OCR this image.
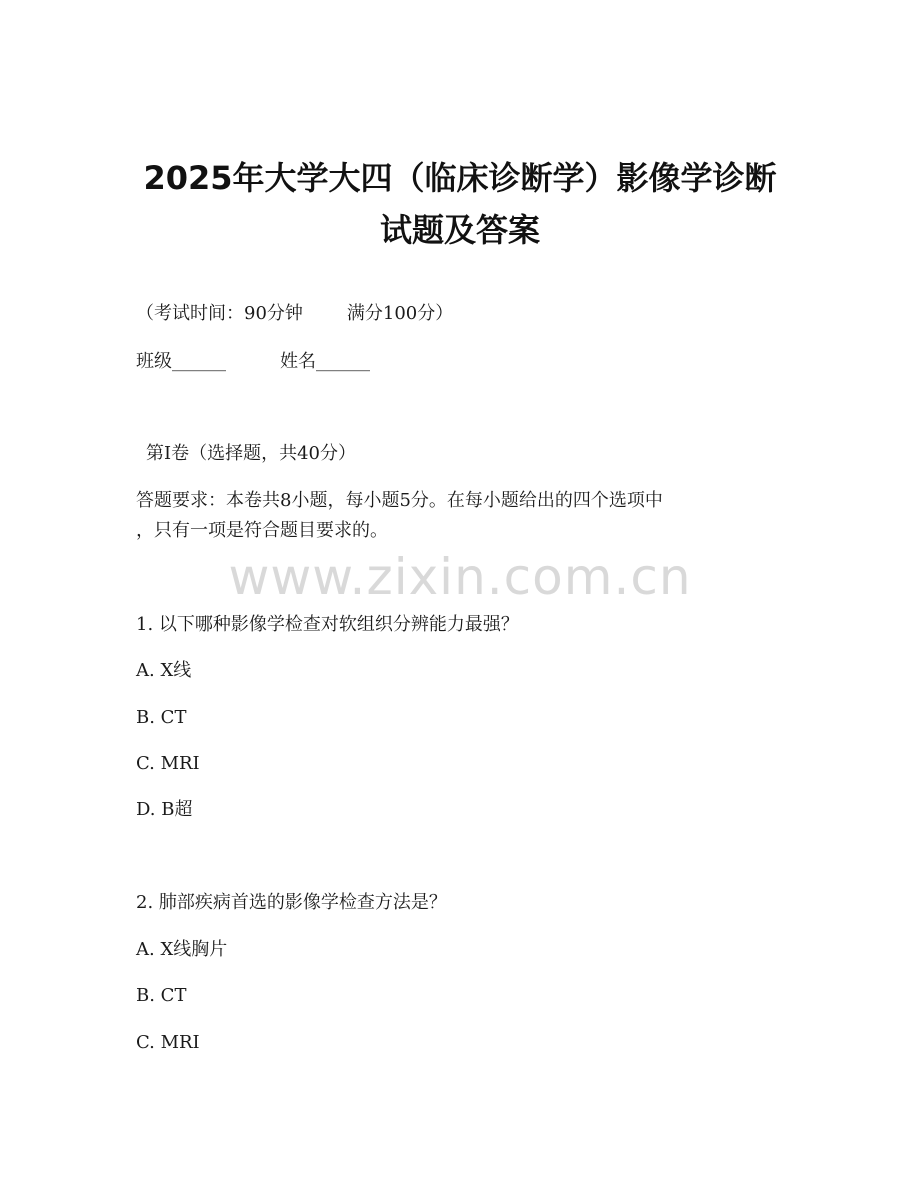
2025年大学大四（临床诊断学）影像学诊断
试题及答案
（考试时间：90分钟 满分100分）
班级______	姓名______
第I卷（选择题，共40分）
答题要求：本卷共8小题，每小题5分。在每小题给出的四个选项中
，只有一项是符合题目要求的。
www.zixin.com.cn
1. 以下哪种影像学检查对软组织分辨能力最强？
A. X线
B. CT
C. MRI
D. B超
2. 肺部疾病首选的影像学检查方法是？
A. X线胸片
B. CT
C. MRI
